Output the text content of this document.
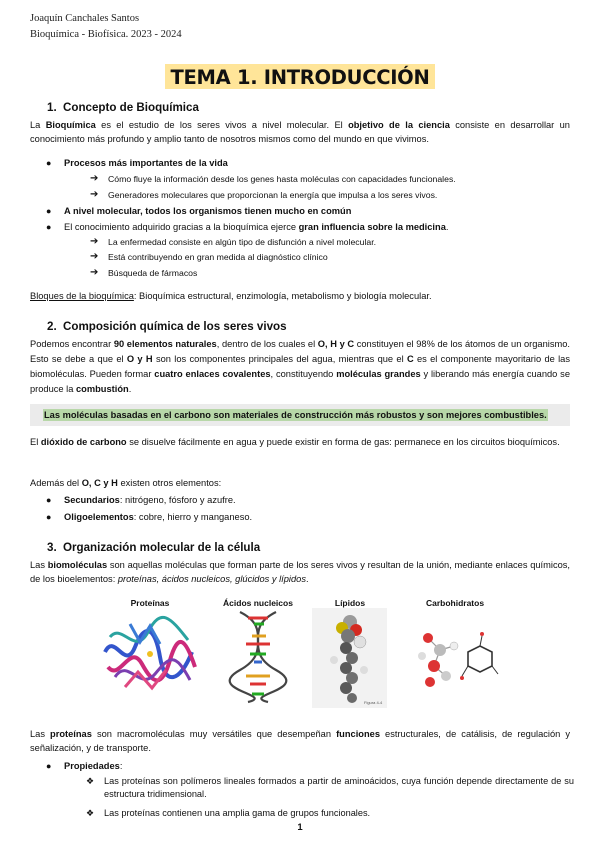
Joaquín Canchales Santos
Bioquímica - Biofísica. 2023 - 2024
TEMA 1. INTRODUCCIÓN
1. Concepto de Bioquímica
La Bioquímica es el estudio de los seres vivos a nivel molecular. El objetivo de la ciencia consiste en desarrollar un conocimiento más profundo y amplio tanto de nosotros mismos como del mundo en que vivimos.
●	Procesos más importantes de la vida
➔ Cómo fluye la información desde los genes hasta moléculas con capacidades funcionales.
➔ Generadores moleculares que proporcionan la energía que impulsa a los seres vivos.
●	A nivel molecular, todos los organismos tienen mucho en común
●	El conocimiento adquirido gracias a la bioquímica ejerce gran influencia sobre la medicina.
➔ La enfermedad consiste en algún tipo de disfunción a nivel molecular.
➔ Está contribuyendo en gran medida al diagnóstico clínico
➔ Búsqueda de fármacos
Bloques de la bioquímica: Bioquímica estructural, enzimología, metabolismo y biología molecular.
2. Composición química de los seres vivos
Podemos encontrar 90 elementos naturales, dentro de los cuales el O, H y C constituyen el 98% de los átomos de un organismo. Esto se debe a que el O y H son los componentes principales del agua, mientras que el C es el componente mayoritario de las biomoléculas. Pueden formar cuatro enlaces covalentes, constituyendo moléculas grandes y liberando más energía cuando se produce la combustión.
Las moléculas basadas en el carbono son materiales de construcción más robustos y son mejores combustibles.
El dióxido de carbono se disuelve fácilmente en agua y puede existir en forma de gas: permanece en los circuitos bioquímicos.
Además del O, C y H existen otros elementos:
●	Secundarios: nitrógeno, fósforo y azufre.
●	Oligoelementos: cobre, hierro y manganeso.
3. Organización molecular de la célula
Las biomoléculas son aquellas moléculas que forman parte de los seres vivos y resultan de la unión, mediante enlaces químicos, de los bioelementos: proteínas, ácidos nucleicos, glúcidos y lípidos.
Proteínas	Ácidos nucleicos	Lípidos	Carbohidratos
Figura 4-4
Las proteínas son macromoléculas muy versátiles que desempeñan funciones estructurales, de catálisis, de regulación y señalización, y de transporte.
●	Propiedades:
❖ Las proteínas son polímeros lineales formados a partir de aminoácidos, cuya función depende directamente de su estructura tridimensional.
❖ Las proteínas contienen una amplia gama de grupos funcionales.
1
